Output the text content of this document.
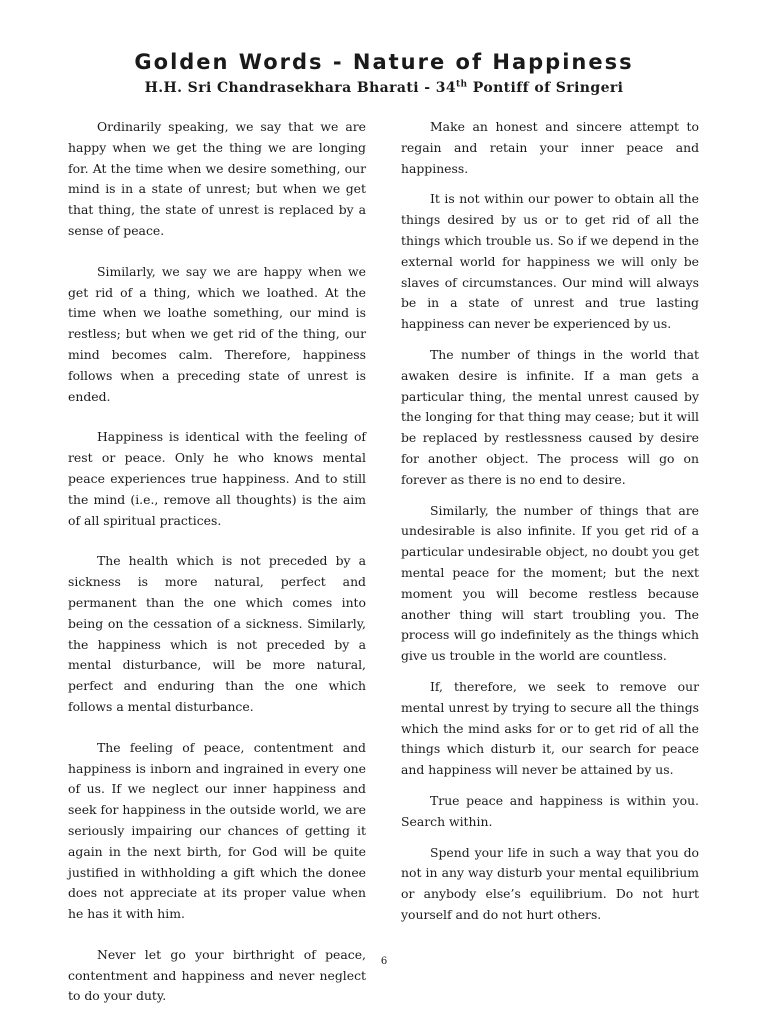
Golden Words - Nature of Happiness
H.H. Sri Chandrasekhara Bharati - 34th Pontiff of Sringeri

Ordinarily speaking, we say that we are happy when we get the thing we are longing for. At the time when we desire something, our mind is in a state of unrest; but when we get that thing, the state of unrest is replaced by a sense of peace.

Similarly, we say we are happy when we get rid of a thing, which we loathed. At the time when we loathe something, our mind is restless; but when we get rid of the thing, our mind becomes calm. Therefore, happiness follows when a preceding state of unrest is ended.

Happiness is identical with the feeling of rest or peace. Only he who knows mental peace experiences true happiness. And to still the mind (i.e., remove all thoughts) is the aim of all spiritual practices.

The health which is not preceded by a sickness is more natural, perfect and permanent than the one which comes into being on the cessation of a sickness. Similarly, the happiness which is not preceded by a mental disturbance, will be more natural, perfect and enduring than the one which follows a mental disturbance.

The feeling of peace, contentment and happiness is inborn and ingrained in every one of us. If we neglect our inner happiness and seek for happiness in the outside world, we are seriously impairing our chances of getting it again in the next birth, for God will be quite justified in withholding a gift which the donee does not appreciate at its proper value when he has it with him.

Never let go your birthright of peace, contentment and happiness and never neglect to do your duty.

Make an honest and sincere attempt to regain and retain your inner peace and happiness.

It is not within our power to obtain all the things desired by us or to get rid of all the things which trouble us. So if we depend in the external world for happiness we will only be slaves of circumstances. Our mind will always be in a state of unrest and true lasting happiness can never be experienced by us.

The number of things in the world that awaken desire is infinite. If a man gets a particular thing, the mental unrest caused by the longing for that thing may cease; but it will be replaced by restlessness caused by desire for another object. The process will go on forever as there is no end to desire.

Similarly, the number of things that are undesirable is also infinite. If you get rid of a particular undesirable object, no doubt you get mental peace for the moment; but the next moment you will become restless because another thing will start troubling you. The process will go indefinitely as the things which give us trouble in the world are countless.

If, therefore, we seek to remove our mental unrest by trying to secure all the things which the mind asks for or to get rid of all the things which disturb it, our search for peace and happiness will never be attained by us.

True peace and happiness is within you. Search within.

Spend your life in such a way that you do not in any way disturb your mental equilibrium or anybody else’s equilibrium. Do not hurt yourself and do not hurt others.

6
